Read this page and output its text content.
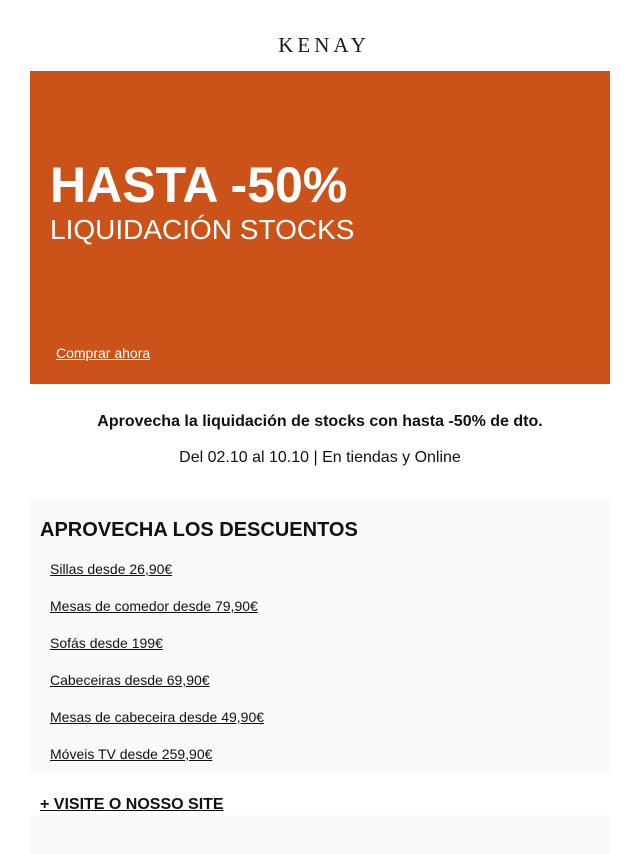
KENAY
HASTA -50%
LIQUIDACIÓN STOCKS
Comprar ahora
Aprovecha la liquidación de stocks con hasta -50% de dto.
Del 02.10 al 10.10 | En tiendas y Online
APROVECHA LOS DESCUENTOS
Sillas desde 26,90€
Mesas de comedor desde 79,90€
Sofás desde 199€
Cabeceiras desde 69,90€
Mesas de cabeceira desde 49,90€
Móveis TV desde 259,90€
+ VISITE O NOSSO SITE
